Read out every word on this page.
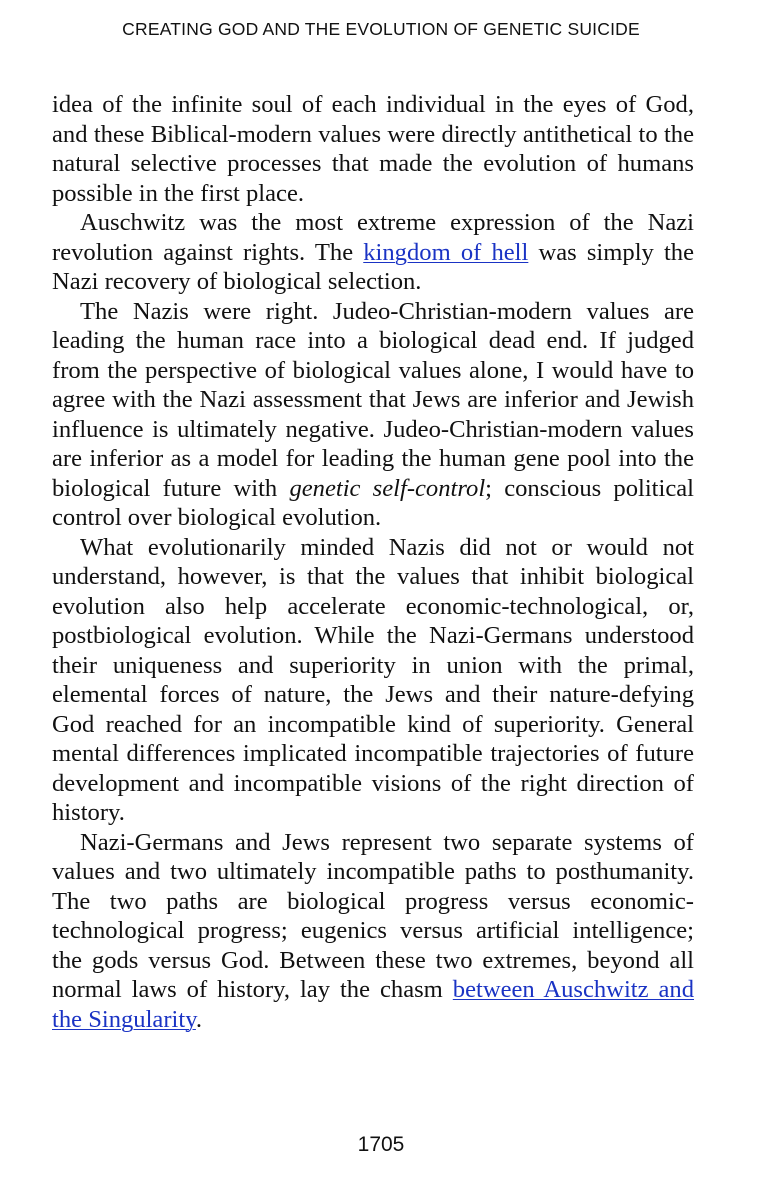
CREATING GOD AND THE EVOLUTION OF GENETIC SUICIDE

idea of the infinite soul of each individual in the eyes of God, and these Biblical-modern values were directly antithetical to the natural selective processes that made the evolution of humans possible in the first place.

Auschwitz was the most extreme expression of the Nazi revolution against rights. The kingdom of hell was simply the Nazi recovery of biological selection.

The Nazis were right. Judeo-Christian-modern values are leading the human race into a biological dead end. If judged from the perspective of biological values alone, I would have to agree with the Nazi assessment that Jews are inferior and Jewish influence is ultimately negative. Judeo-Christian-modern values are inferior as a model for leading the human gene pool into the biological future with genetic self-control; conscious political control over biological evolution.

What evolutionarily minded Nazis did not or would not understand, however, is that the values that inhibit biological evolution also help accelerate economic-technological, or, postbiological evolution. While the Nazi-Germans understood their uniqueness and superiority in union with the primal, elemental forces of nature, the Jews and their nature-defying God reached for an incompatible kind of superiority. General mental differences implicated incompatible trajectories of future development and incompatible visions of the right direction of history.

Nazi-Germans and Jews represent two separate systems of values and two ultimately incompatible paths to posthumanity. The two paths are biological progress versus economic-technological progress; eugenics versus artificial intelligence; the gods versus God. Between these two extremes, beyond all normal laws of history, lay the chasm between Auschwitz and the Singularity.

1705
